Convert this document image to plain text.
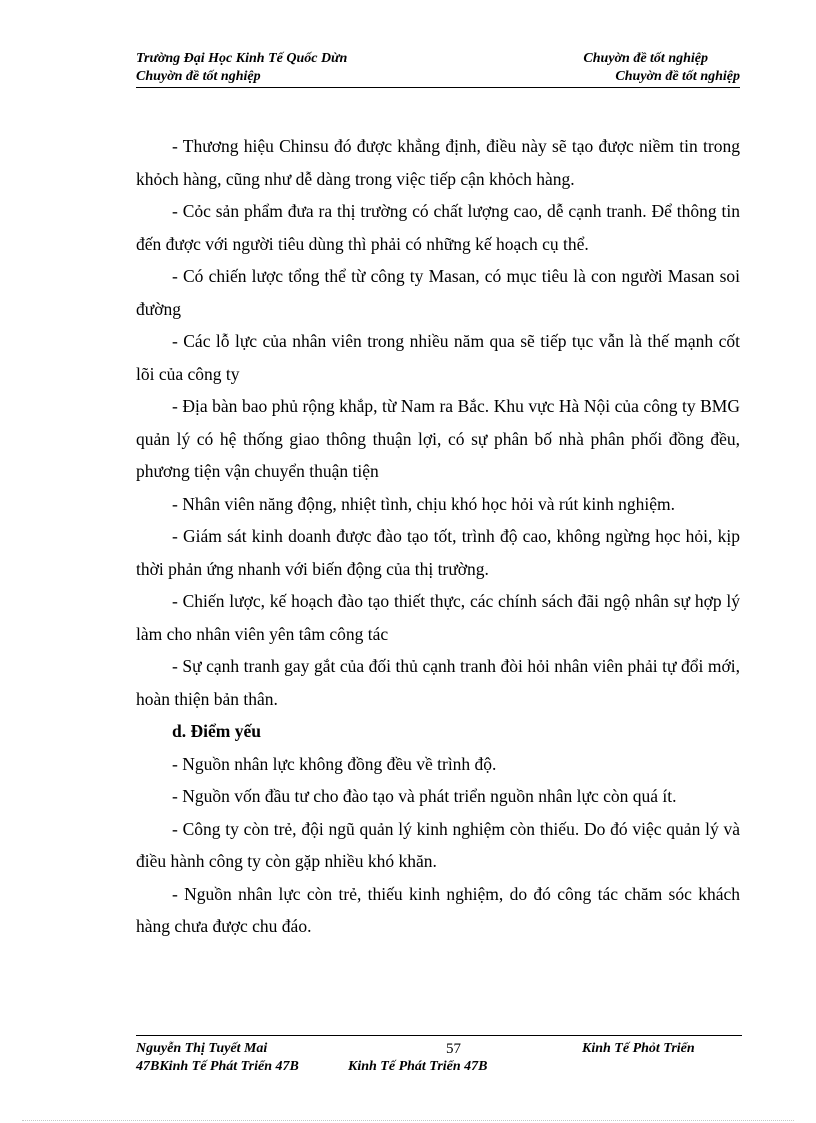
Trường Đại Học Kinh Tế Quốc Dừn	Chuyờn đề tốt nghiệp
Chuyờn đề tốt nghiệp	Chuyờn đề tốt nghiệp

- Thương hiệu Chinsu đó được khẳng định, điều này sẽ tạo được niềm tin trong khỏch hàng, cũng như dễ dàng trong việc tiếp cận khỏch hàng.

- Cỏc sản phẩm đưa ra thị trường có chất lượng cao, dễ cạnh tranh. Để thông tin đến được với người tiêu dùng thì phải có những kế hoạch cụ thể.

- Có chiến lược tổng thể từ công ty Masan, có mục tiêu là con người Masan soi đường

- Các lỗ lực của nhân viên trong nhiều năm qua sẽ tiếp tục vẫn là thế mạnh cốt lõi của công ty

- Địa bàn bao phủ rộng khắp, từ Nam ra Bắc. Khu vực Hà Nội của công ty BMG quản lý có hệ thống giao thông thuận lợi, có sự phân bố nhà phân phối đồng đều, phương tiện vận chuyển thuận tiện

- Nhân viên năng động, nhiệt tình, chịu khó học hỏi và rút kinh nghiệm.

- Giám sát kinh doanh được đào tạo tốt, trình độ cao, không ngừng học hỏi, kịp thời phản ứng nhanh với biến động của thị trường.

- Chiến lược, kế hoạch đào tạo thiết thực, các chính sách đãi ngộ nhân sự hợp lý làm cho nhân viên yên tâm công tác

- Sự cạnh tranh gay gắt của đối thủ cạnh tranh đòi hỏi nhân viên phải tự đổi mới, hoàn thiện bản thân.

d. Điểm yếu

- Nguồn nhân lực không đồng đều về trình độ.

- Nguồn vốn đầu tư cho đào tạo và phát triển nguồn nhân lực còn quá ít.

- Công ty còn trẻ, đội ngũ quản lý kinh nghiệm còn thiếu. Do đó việc quản lý và điều hành công ty còn gặp nhiều khó khăn.

- Nguồn nhân lực còn trẻ, thiếu kinh nghiệm, do đó công tác chăm sóc khách hàng chưa được chu đáo.

Nguyễn Thị Tuyết Mai	57	Kinh Tế Phỏt Triển
47BKinh Tế Phát Triển 47B	Kinh Tế Phát Triển 47B
